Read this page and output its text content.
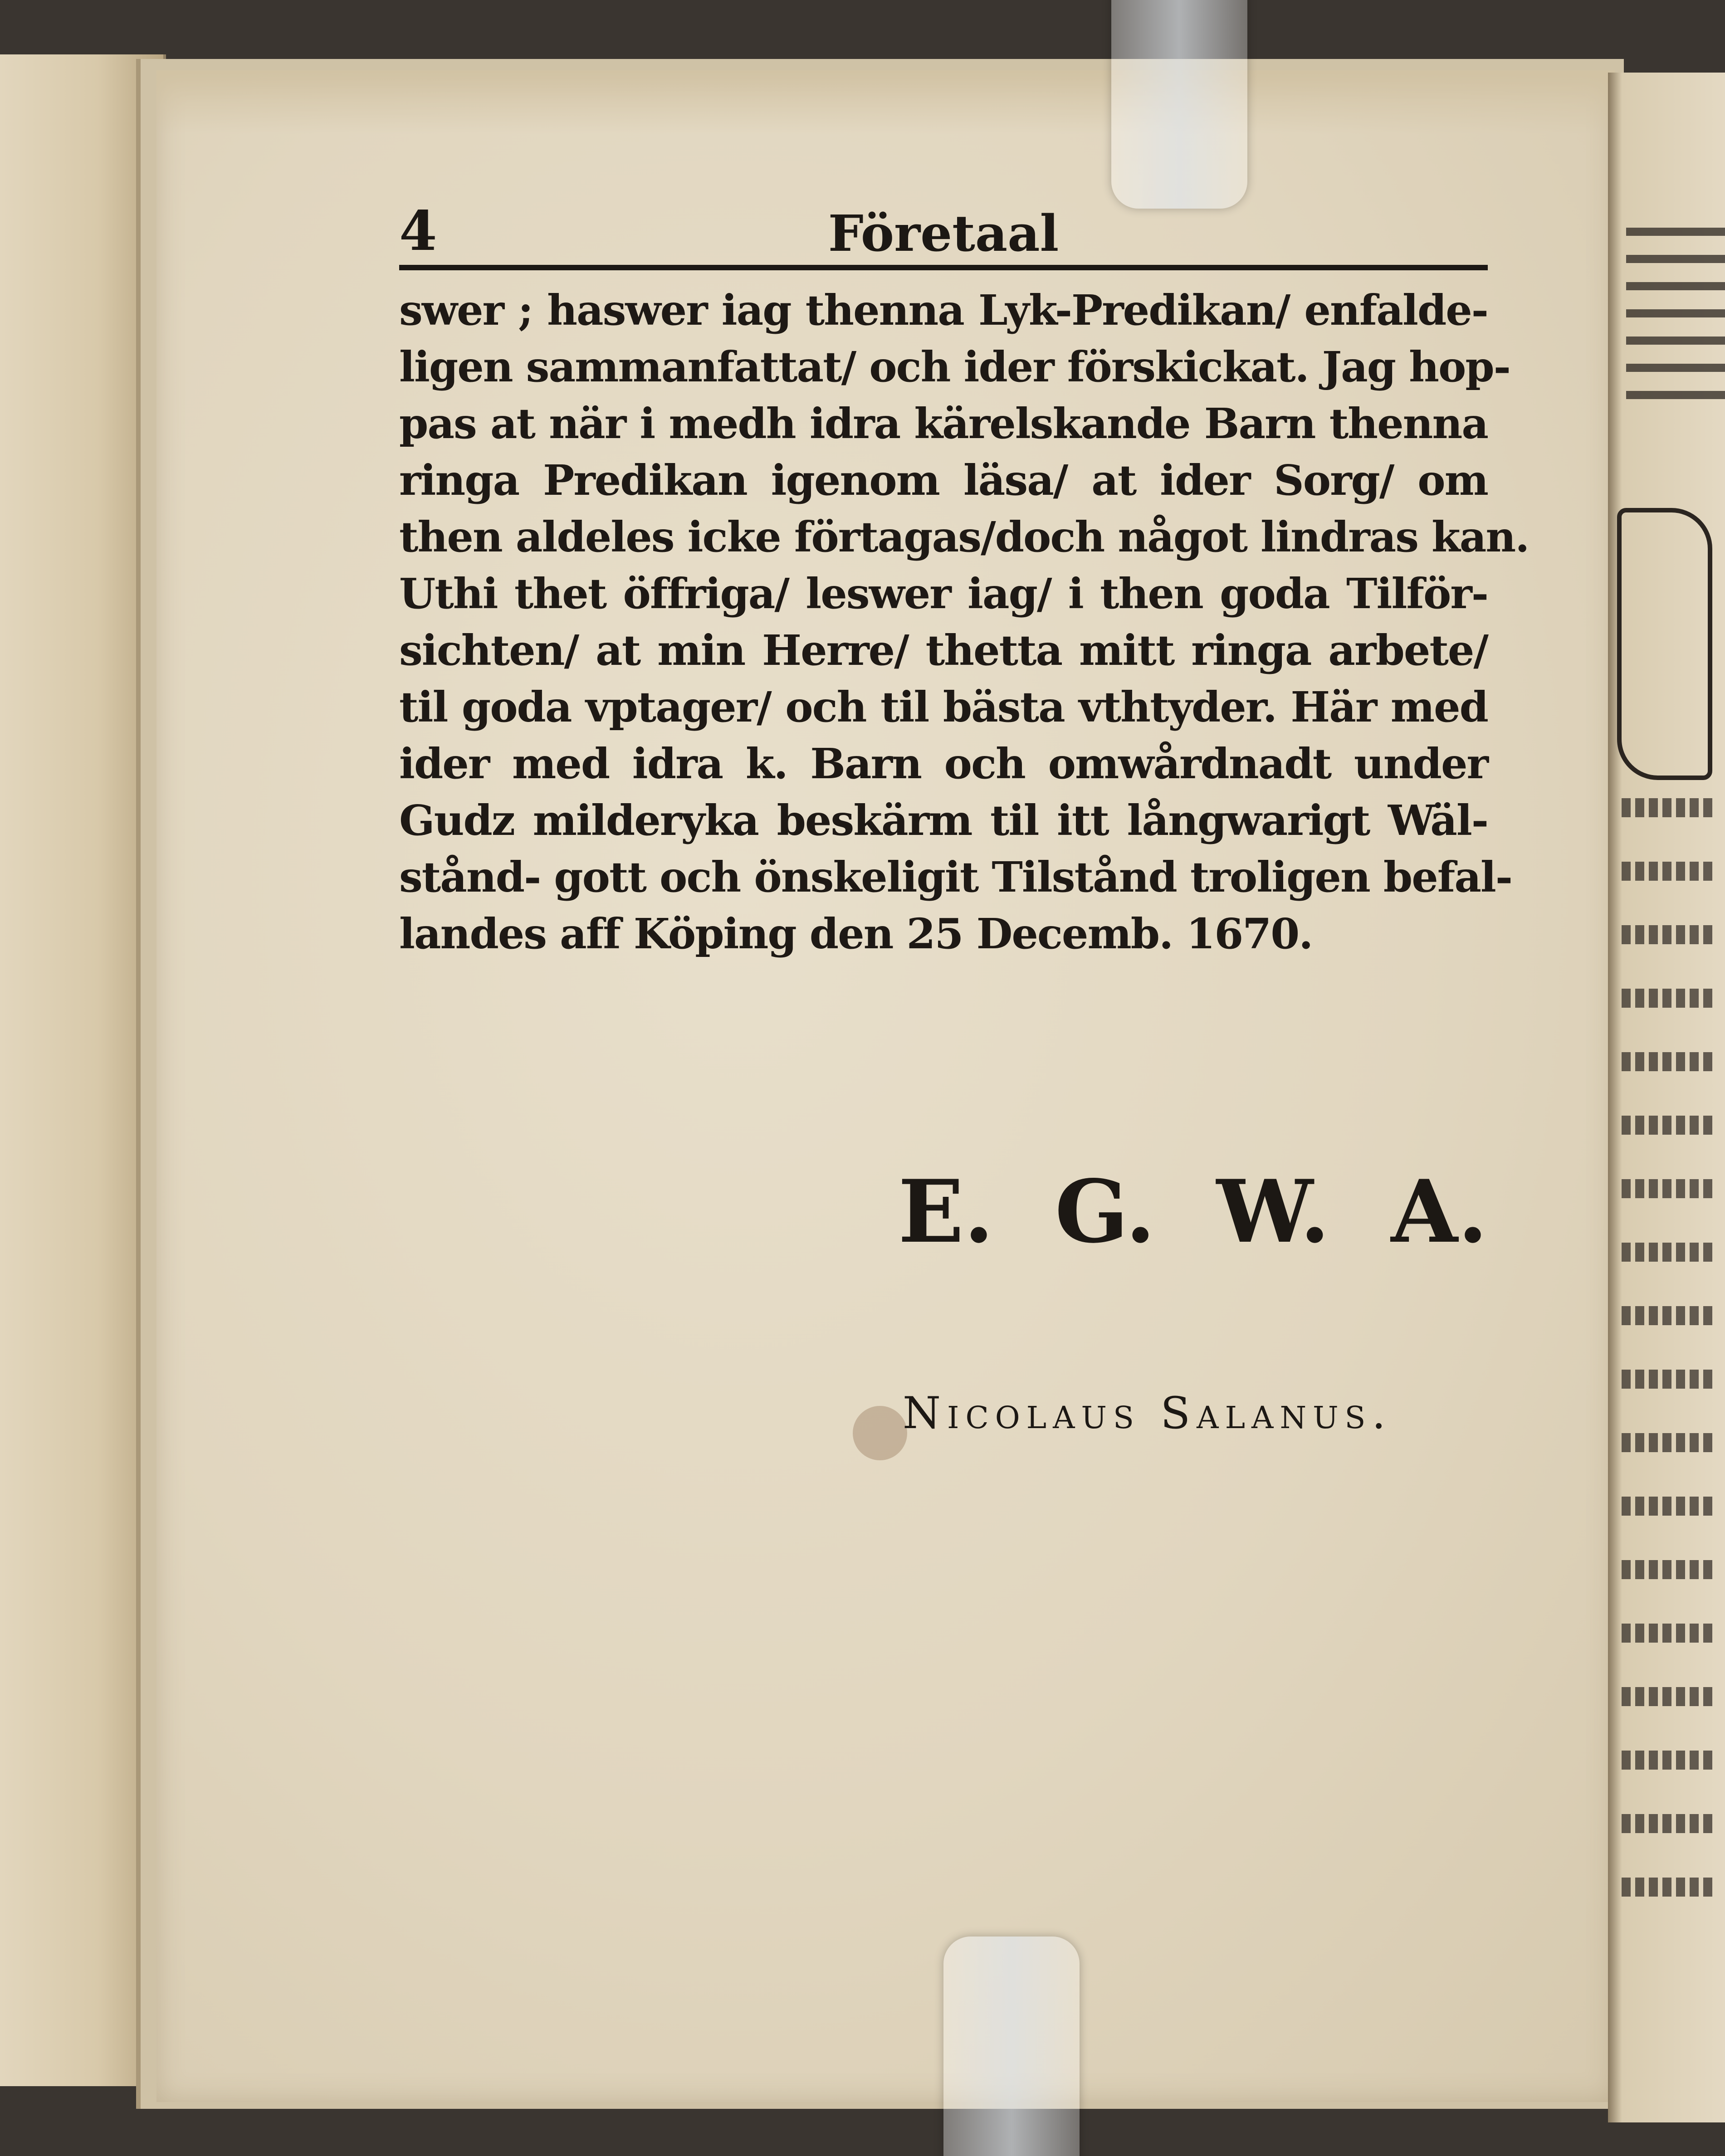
4	Företaal
swer ; haswer iag thenna Lyk-Predikan/ enfalde-
ligen sammanfattat/ och ider förskickat. Jag hop-
pas at när i medh idra kärelskande Barn thenna
ringa Predikan igenom läsa/ at ider Sorg/ om
then aldeles icke förtagas/doch något lindras kan.
Uthi thet öffriga/ leswer iag/ i then goda Tilför-
sichten/ at min Herre/ thetta mitt ringa arbete/
til goda vptager/ och til bästa vthtyder. Här med
ider med idra k. Barn och omwårdnadt under
Gudz milderyka beskärm til itt långwarigt Wäl-
stånd- gott och önskeligit Tilstånd troligen befal-
landes aff Köping den 25 Decemb. 1670.
E. G. W. A.
Nicolaus Salanus.
